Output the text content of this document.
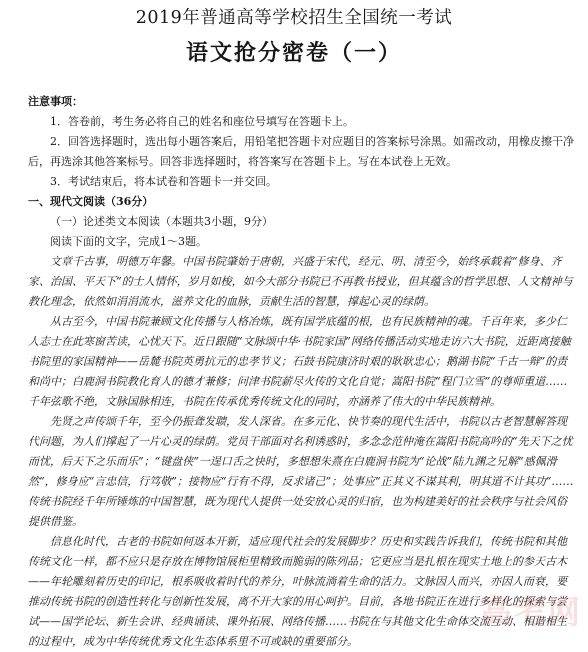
2019年普通高等学校招生全国统一考试
语文抢分密卷（一）
注意事项：
1．答卷前，考生务必将自己的姓名和座位号填写在答题卡上。
2．回答选择题时，选出每小题答案后，用铅笔把答题卡对应题目的答案标号涂黑。如需改动，用橡皮擦干净后，再选涂其他答案标号。回答非选择题时，将答案写在答题卡上。写在本试卷上无效。
3．考试结束后，将本试卷和答题卡一并交回。
一、现代文阅读（36分）
（一）论述类文本阅读（本题共3小题，9分）
阅读下面的文字，完成1～3题。
文章千古事，明德万年馨。中国书院肇始于唐朝，兴盛于宋代，经元、明、清至今，始终承载着“修身、齐家、治国、平天下”的士人情怀，岁月如梭，如今大部分书院已不再教书授业，但其蕴含的哲学思想、人文精神与教化理念，依然如涓涓流水，滋养文化的血脉，贡献生活的智慧，撑起心灵的绿荫。
从古至今，中国书院兼顾文化传播与人格冶炼，既有国学底蕴的根，也有民族精神的魂。千百年来，多少仁人志士在此寒窗苦读，心忧天下。近日跟随“文脉颂中华·书院家国”网络传播活动实地走访六大书院，近距离接触书院里的家国精神——岳麓书院英勇抗元的忠孝节义；石鼓书院康济时艰的耿耿忠心；鹅湖书院“千古一辩”的责和尚中；白鹿洞书院教化育人的德才兼修；问津书院薪尽火传的文化自觉；嵩阳书院“程门立雪”的尊师重道……千年弦歌不绝，文脉国脉相连，书院在传承优秀传统文化的同时，亦涵养了伟大的中华民族精神。
先贤之声传颂千年，至今仍振聋发聩，发人深省。在多元化、快节奏的现代生活中，书院以古老智慧解答现代问题，为人们撑起了一片心灵的绿荫。党员干部面对名利诱惑时，多念念范仲淹在嵩阳书院高吟的“先天下之忧而忧，后天下之乐而乐”；“键盘侠”一逞口舌之快时，多想想朱熹在白鹿洞书院为“论战”陆九渊之兄解“感佩滑然”，修身应“言忠信，行笃敬”；接物应“行有不得，反求诸己”；处事应“正其义不谋其利，明其道不计其功”……传统书院经千年所锤炼的中国智慧，既为现代人提供一处安放心灵的归宿，也为构建美好的社会秩序与社会风俗提供借鉴。
信息化时代，古老的书院如何返本开新，适应现代社会的发展脚步？历史和实践告诉我们，传统书院和其他传统文化一样，都不应只是存放在博物馆展柜里精致而脆弱的陈列品；它更应当是扎根在现实土地上的参天古木——年轮雕刻着历史的印记，根系吸收着时代的养分，叶脉流淌着生命的活力。文脉因人而兴，亦因人而衰，要推动传统书院的创造性转化与创新性发展，离不开大家的用心呵护。目前，各地书院正在进行多样化的探索与尝试——国学论坛、新生会讲、经典诵读、课外拓展、网络传播……书院在与其他文化生命体交流互动、相谐相生的过程中，成为中华传统优秀文化生态体系里不可或缺的重要部分。
高考网
